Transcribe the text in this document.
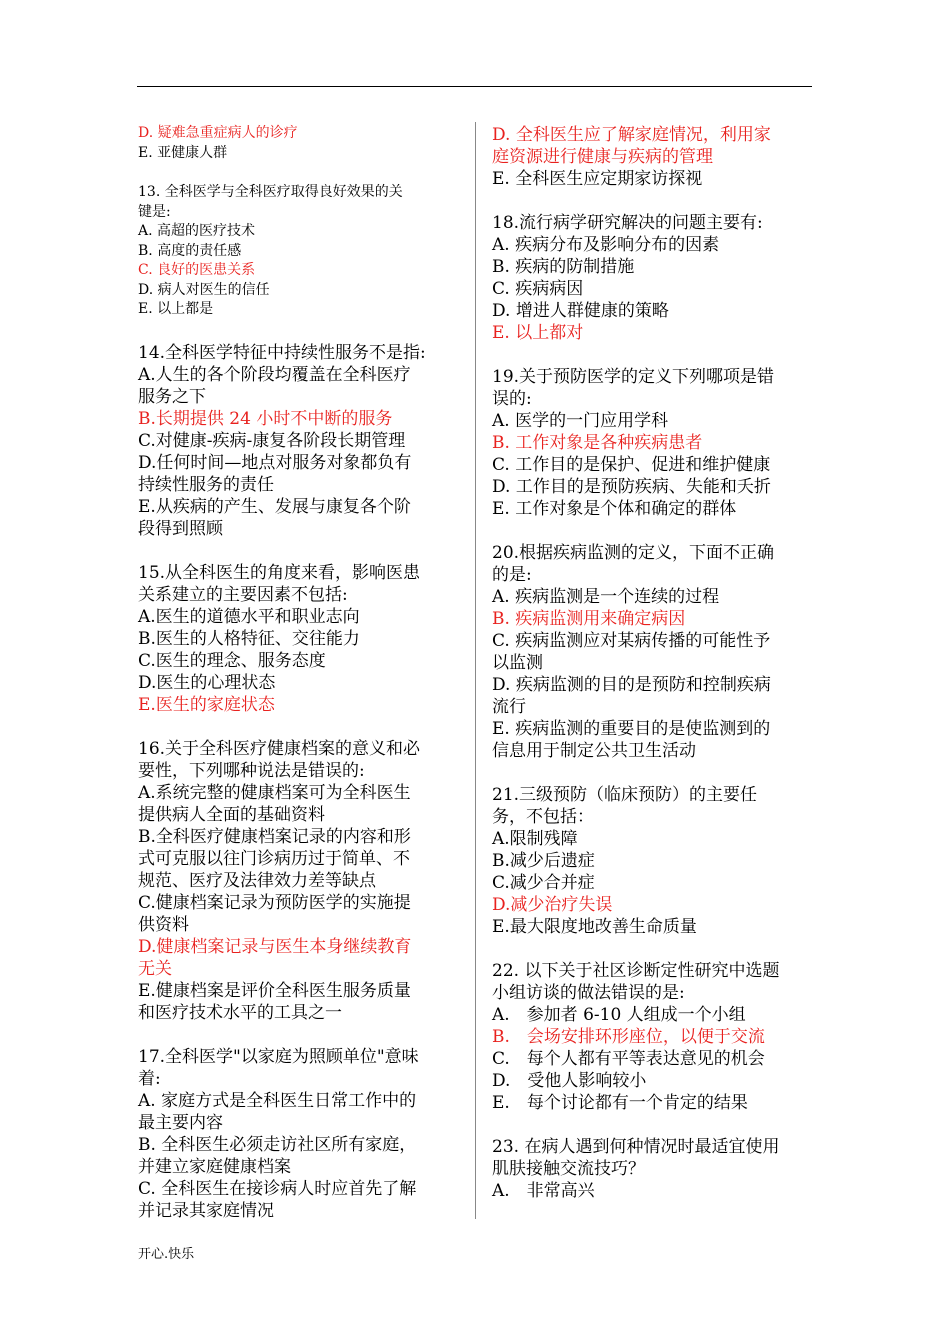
D. 疑难急重症病人的诊疗
E. 亚健康人群
13. 全科医学与全科医疗取得良好效果的关
键是:
A. 高超的医疗技术
B. 高度的责任感
C. 良好的医患关系
D. 病人对医生的信任
E. 以上都是
14.全科医学特征中持续性服务不是指:
A.人生的各个阶段均覆盖在全科医疗
服务之下
B.长期提供 24 小时不中断的服务
C.对健康-疾病-康复各阶段长期管理
D.任何时间—地点对服务对象都负有
持续性服务的责任
E.从疾病的产生、发展与康复各个阶
段得到照顾
15.从全科医生的角度来看，影响医患
关系建立的主要因素不包括:
A.医生的道德水平和职业志向
B.医生的人格特征、交往能力
C.医生的理念、服务态度
D.医生的心理状态
E.医生的家庭状态
16.关于全科医疗健康档案的意义和必
要性，下列哪种说法是错误的:
A.系统完整的健康档案可为全科医生
提供病人全面的基础资料
B.全科医疗健康档案记录的内容和形
式可克服以往门诊病历过于简单、不
规范、医疗及法律效力差等缺点
C.健康档案记录为预防医学的实施提
供资料
D.健康档案记录与医生本身继续教育
无关
E.健康档案是评价全科医生服务质量
和医疗技术水平的工具之一
17.全科医学"以家庭为照顾单位"意味
着:
A. 家庭方式是全科医生日常工作中的
最主要内容
B. 全科医生必须走访社区所有家庭，
并建立家庭健康档案
C. 全科医生在接诊病人时应首先了解
并记录其家庭情况
D. 全科医生应了解家庭情况，利用家
庭资源进行健康与疾病的管理
E. 全科医生应定期家访探视
18.流行病学研究解决的问题主要有:
A. 疾病分布及影响分布的因素
B. 疾病的防制措施
C. 疾病病因
D. 增进人群健康的策略
E. 以上都对
19.关于预防医学的定义下列哪项是错
误的:
A. 医学的一门应用学科
B. 工作对象是各种疾病患者
C. 工作目的是保护、促进和维护健康
D. 工作目的是预防疾病、失能和夭折
E. 工作对象是个体和确定的群体
20.根据疾病监测的定义，下面不正确
的是:
A. 疾病监测是一个连续的过程
B. 疾病监测用来确定病因
C. 疾病监测应对某病传播的可能性予
以监测
D. 疾病监测的目的是预防和控制疾病
流行
E. 疾病监测的重要目的是使监测到的
信息用于制定公共卫生活动
21.三级预防（临床预防）的主要任
务，不包括：
A.限制残障
B.减少后遗症
C.减少合并症
D.减少治疗失误
E.最大限度地改善生命质量
22. 以下关于社区诊断定性研究中选题
小组访谈的做法错误的是:
A.　参加者 6-10 人组成一个小组
B.　会场安排环形座位，以便于交流
C.　每个人都有平等表达意见的机会
D.　受他人影响较小
E.　每个讨论都有一个肯定的结果
23. 在病人遇到何种情况时最适宜使用
肌肤接触交流技巧？
A.　非常高兴
开心.快乐
